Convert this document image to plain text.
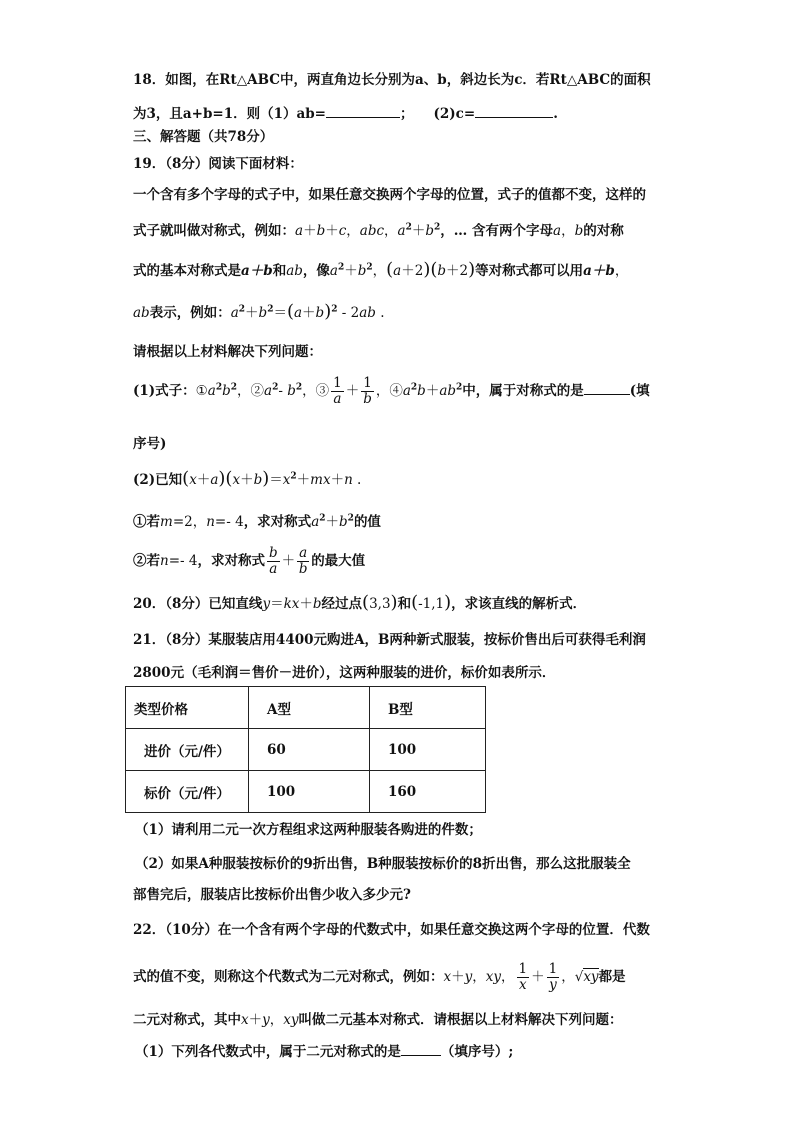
18．如图，在Rt△ABC中，两直角边长分别为a、b，斜边长为c．若Rt△ABC的面积
为3，且a+b=1．则（1）ab=	； (2)c=	.
三、解答题（共78分）
19．（8分）阅读下面材料：
一个含有多个字母的式子中，如果任意交换两个字母的位置，式子的值都不变，这样的
式子就叫做对称式，例如：a＋b＋c，abc，$a^2+b^2$，… 含有两个字母a，b的对称
式的基本对称式是a＋b和ab，像$a^2+b^2$，(a＋2)(b＋2)等对称式都可以用a＋b，
ab表示，例如：$a^2+b^2=(a+b)^2 - 2ab$ .
请根据以上材料解决下列问题：
(1)式子：$①a^2b^2$，$②a^2-$ $b^2$，③ $\frac{1}{a} + \frac{1}{b}$ ，$④a^2b+ab^2$中，属于对称式的是	(填
序号)
(2)已知$(x+a)(x+b)=x^2+mx+n$ .
①若m=2，n=- 4，求对称式$a^2+b^2$的值
②若n=- 4，求对称式 $\frac{b}{a} + \frac{a}{b}$ 的最大值
20．（8分）已知直线y＝kx＋b经过点(3,3)和(-1,1)，求该直线的解析式．
21．（8分）某服装店用4400元购进A，B两种新式服装，按标价售出后可获得毛利润
2800元（毛利润＝售价－进价），这两种服装的进价，标价如表所示．
类型价格	A型	B型
进价（元/件）	60	100
标价（元/件）	100	160
（1）请利用二元一次方程组求这两种服装各购进的件数；
（2）如果A种服装按标价的9折出售，B种服装按标价的8折出售，那么这批服装全
部售完后，服装店比按标价出售少收入多少元?
22．（10分）在一个含有两个字母的代数式中，如果任意交换这两个字母的位置．代数
式的值不变，则称这个代数式为二元对称式，例如：x＋y，xy， $\frac{1}{x} + \frac{1}{y}$ ，√xy都是
二元对称式，其中x＋y，xy叫做二元基本对称式．请根据以上材料解决下列问题：
（1）下列各代数式中，属于二元对称式的是	（填序号）;
